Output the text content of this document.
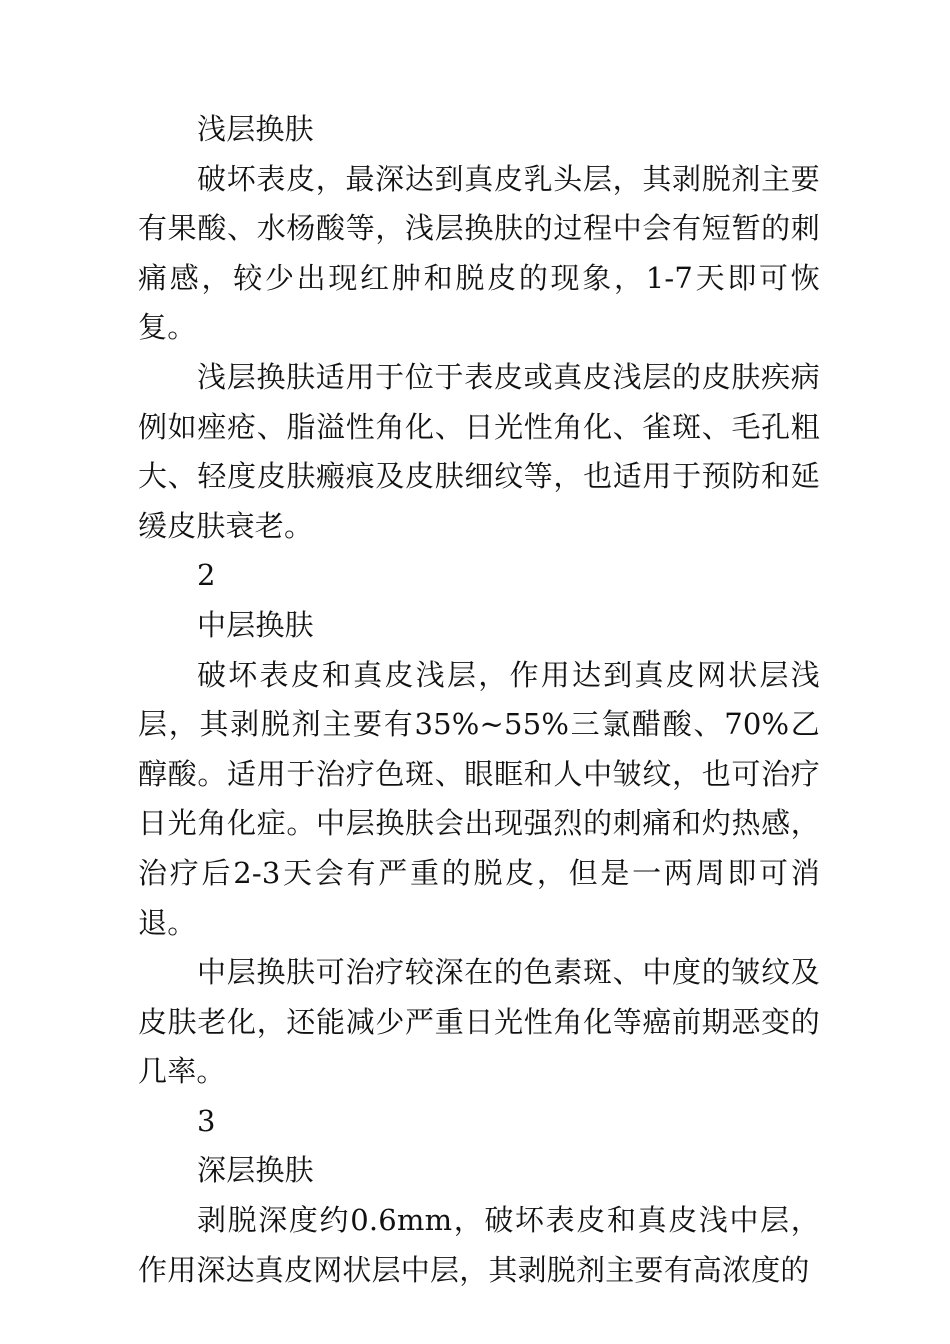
浅层换肤

破坏表皮，最深达到真皮乳头层，其剥脱剂主要有果酸、水杨酸等，浅层换肤的过程中会有短暂的刺痛感，较少出现红肿和脱皮的现象，1-7天即可恢复。

浅层换肤适用于位于表皮或真皮浅层的皮肤疾病例如痤疮、脂溢性角化、日光性角化、雀斑、毛孔粗大、轻度皮肤瘢痕及皮肤细纹等，也适用于预防和延缓皮肤衰老。

2

中层换肤

破坏表皮和真皮浅层，作用达到真皮网状层浅层，其剥脱剂主要有35%~55%三氯醋酸、70%乙醇酸。适用于治疗色斑、眼眶和人中皱纹，也可治疗日光角化症。中层换肤会出现强烈的刺痛和灼热感，治疗后2-3天会有严重的脱皮，但是一两周即可消退。

中层换肤可治疗较深在的色素斑、中度的皱纹及皮肤老化，还能减少严重日光性角化等癌前期恶变的几率。

3

深层换肤

剥脱深度约0.6mm，破坏表皮和真皮浅中层，作用深达真皮网状层中层，其剥脱剂主要有高浓度的
